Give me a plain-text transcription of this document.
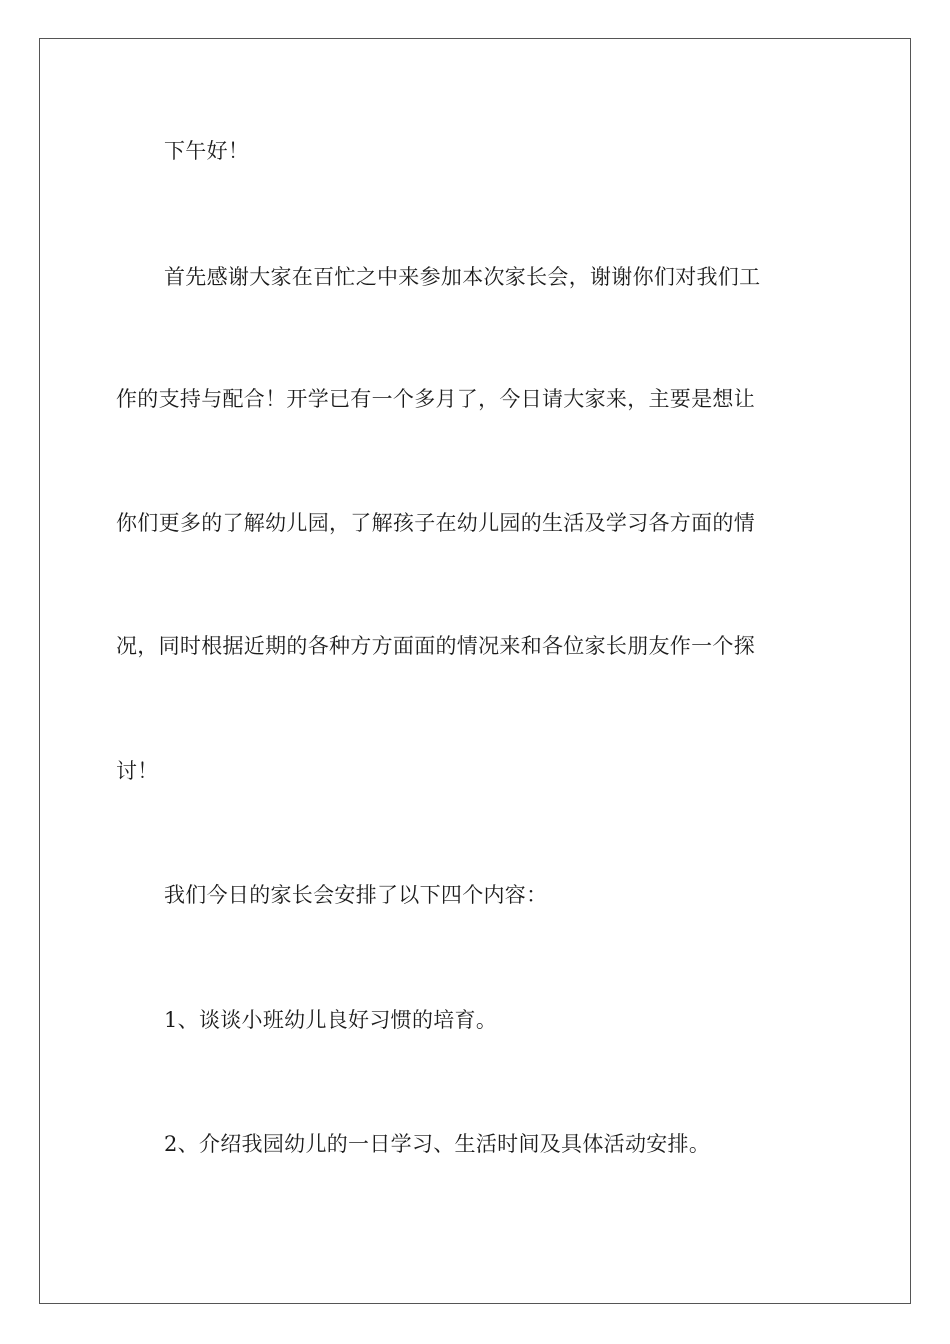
下午好！
首先感谢大家在百忙之中来参加本次家长会，谢谢你们对我们工
作的支持与配合！开学已有一个多月了，今日请大家来，主要是想让
你们更多的了解幼儿园，了解孩子在幼儿园的生活及学习各方面的情
况，同时根据近期的各种方方面面的情况来和各位家长朋友作一个探
讨！
我们今日的家长会安排了以下四个内容：
1、谈谈小班幼儿良好习惯的培育。
2、介绍我园幼儿的一日学习、生活时间及具体活动安排。
